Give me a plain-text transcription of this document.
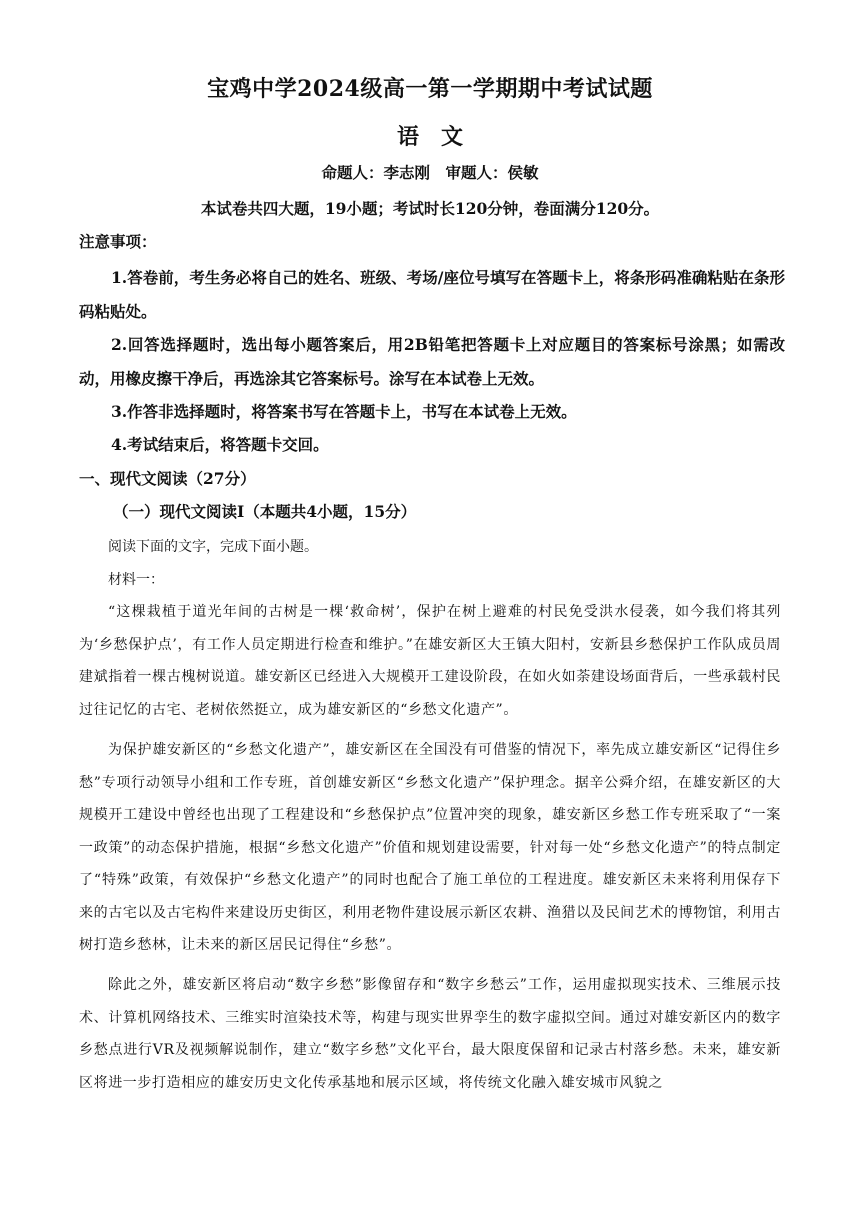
宝鸡中学2024级高一第一学期期中考试试题
语　文
命题人：李志刚　审题人：侯敏
本试卷共四大题，19小题；考试时长120分钟，卷面满分120分。
注意事项：
1.答卷前，考生务必将自己的姓名、班级、考场/座位号填写在答题卡上，将条形码准确粘贴在条形码粘贴处。
2.回答选择题时，选出每小题答案后，用2B铅笔把答题卡上对应题目的答案标号涂黑；如需改动，用橡皮擦干净后，再选涂其它答案标号。涂写在本试卷上无效。
3.作答非选择题时，将答案书写在答题卡上，书写在本试卷上无效。
4.考试结束后，将答题卡交回。
一、现代文阅读（27分）
（一）现代文阅读Ⅰ（本题共4小题，15分）
阅读下面的文字，完成下面小题。
材料一：
“这棵栽植于道光年间的古树是一棵‘救命树’，保护在树上避难的村民免受洪水侵袭，如今我们将其列为‘乡愁保护点’，有工作人员定期进行检查和维护。”在雄安新区大王镇大阳村，安新县乡愁保护工作队成员周建斌指着一棵古槐树说道。雄安新区已经进入大规模开工建设阶段，在如火如荼建设场面背后，一些承载村民过往记忆的古宅、老树依然挺立，成为雄安新区的“乡愁文化遗产”。
为保护雄安新区的“乡愁文化遗产”，雄安新区在全国没有可借鉴的情况下，率先成立雄安新区“记得住乡愁”专项行动领导小组和工作专班，首创雄安新区“乡愁文化遗产”保护理念。据辛公舜介绍，在雄安新区的大规模开工建设中曾经也出现了工程建设和“乡愁保护点”位置冲突的现象，雄安新区乡愁工作专班采取了“一案一政策”的动态保护措施，根据“乡愁文化遗产”价值和规划建设需要，针对每一处“乡愁文化遗产”的特点制定了“特殊”政策，有效保护“乡愁文化遗产”的同时也配合了施工单位的工程进度。雄安新区未来将利用保存下来的古宅以及古宅构件来建设历史街区，利用老物件建设展示新区农耕、渔猎以及民间艺术的博物馆，利用古树打造乡愁林，让未来的新区居民记得住“乡愁”。
除此之外，雄安新区将启动“数字乡愁”影像留存和“数字乡愁云”工作，运用虚拟现实技术、三维展示技术、计算机网络技术、三维实时渲染技术等，构建与现实世界孪生的数字虚拟空间。通过对雄安新区内的数字乡愁点进行VR及视频解说制作，建立“数字乡愁”文化平台，最大限度保留和记录古村落乡愁。未来，雄安新区将进一步打造相应的雄安历史文化传承基地和展示区域，将传统文化融入雄安城市风貌之
